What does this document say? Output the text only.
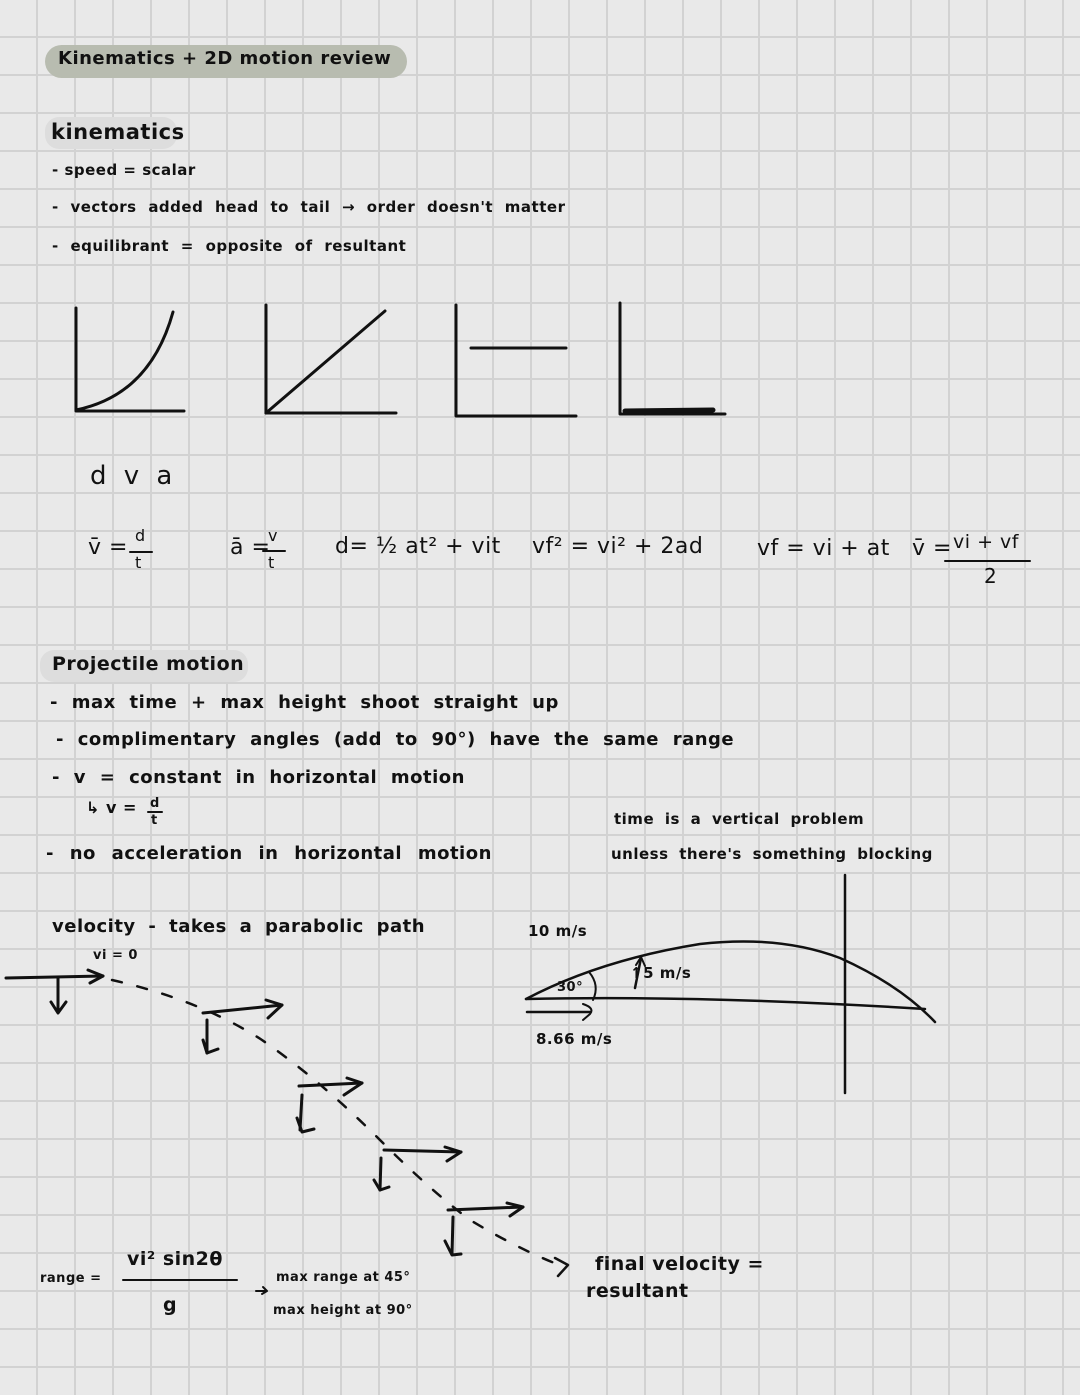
Kinematics + 2D motion review
kinematics
- speed = scalar
- vectors added head to tail → order doesn't matter
- equilibrant = opposite of resultant
d v a
v̄ = d
t
ā =
v
t
d= ½ at² + vit vf² = vi² + 2ad vf = vi + at v̄ = vi + vf
2
Projectile motion
- max time + max height shoot straight up
- complimentary angles (add to 90°) have the same range
- v = constant in horizontal motion
↳ v = d
t
- no acceleration in horizontal motion
time is a vertical problem
unless there's something blocking
velocity - takes a parabolic path
vi = 0
final velocity =
resultant
10 m/s
30°
↑5 m/s
8.66 m/s
range =
vi² sin2θ
g
max range at 45°
max height at 90°
